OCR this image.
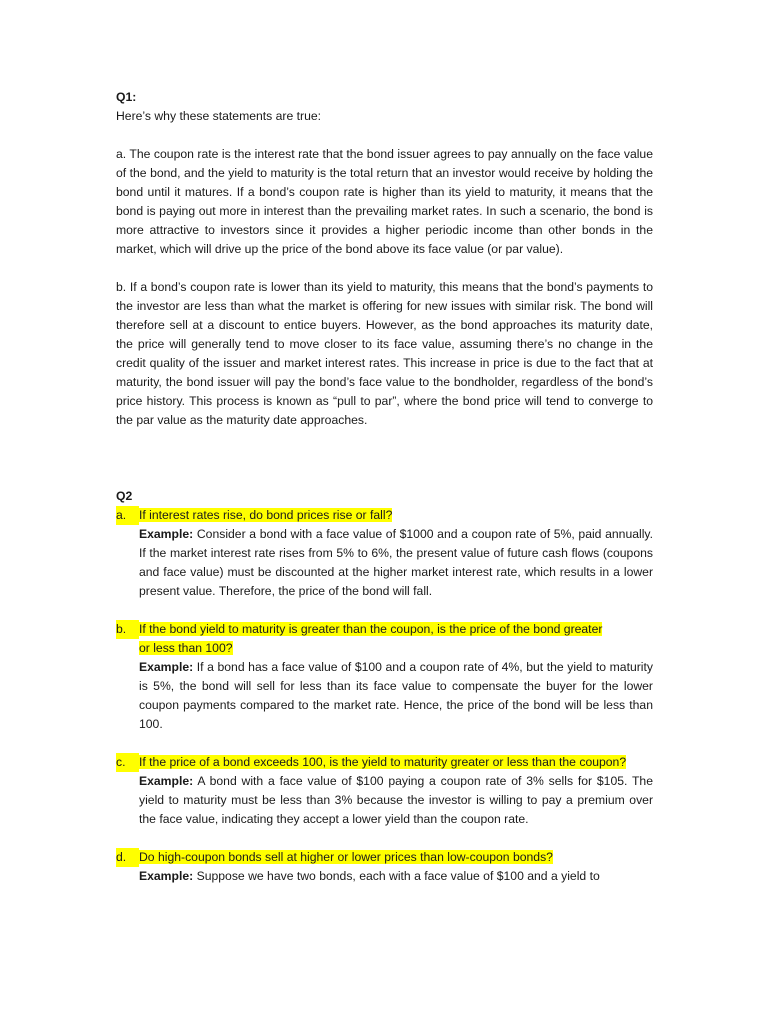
Q1:

Here’s why these statements are true:

a. The coupon rate is the interest rate that the bond issuer agrees to pay annually on the face value of the bond, and the yield to maturity is the total return that an investor would receive by holding the bond until it matures. If a bond’s coupon rate is higher than its yield to maturity, it means that the bond is paying out more in interest than the prevailing market rates. In such a scenario, the bond is more attractive to investors since it provides a higher periodic income than other bonds in the market, which will drive up the price of the bond above its face value (or par value).

b. If a bond’s coupon rate is lower than its yield to maturity, this means that the bond’s payments to the investor are less than what the market is offering for new issues with similar risk. The bond will therefore sell at a discount to entice buyers. However, as the bond approaches its maturity date, the price will generally tend to move closer to its face value, assuming there’s no change in the credit quality of the issuer and market interest rates. This increase in price is due to the fact that at maturity, the bond issuer will pay the bond’s face value to the bondholder, regardless of the bond’s price history. This process is known as “pull to par”, where the bond price will tend to converge to the par value as the maturity date approaches.

Q2

a.	If interest rates rise, do bond prices rise or fall?

Example: Consider a bond with a face value of $1000 and a coupon rate of 5%, paid annually. If the market interest rate rises from 5% to 6%, the present value of future cash flows (coupons and face value) must be discounted at the higher market interest rate, which results in a lower present value. Therefore, the price of the bond will fall.

b.	If the bond yield to maturity is greater than the coupon, is the price of the bond greater
or less than 100?

Example: If a bond has a face value of $100 and a coupon rate of 4%, but the yield to maturity is 5%, the bond will sell for less than its face value to compensate the buyer for the lower coupon payments compared to the market rate. Hence, the price of the bond will be less than 100.

c.	If the price of a bond exceeds 100, is the yield to maturity greater or less than the coupon?

Example: A bond with a face value of $100 paying a coupon rate of 3% sells for $105. The yield to maturity must be less than 3% because the investor is willing to pay a premium over the face value, indicating they accept a lower yield than the coupon rate.

d.	Do high-coupon bonds sell at higher or lower prices than low-coupon bonds?

Example: Suppose we have two bonds, each with a face value of $100 and a yield to
